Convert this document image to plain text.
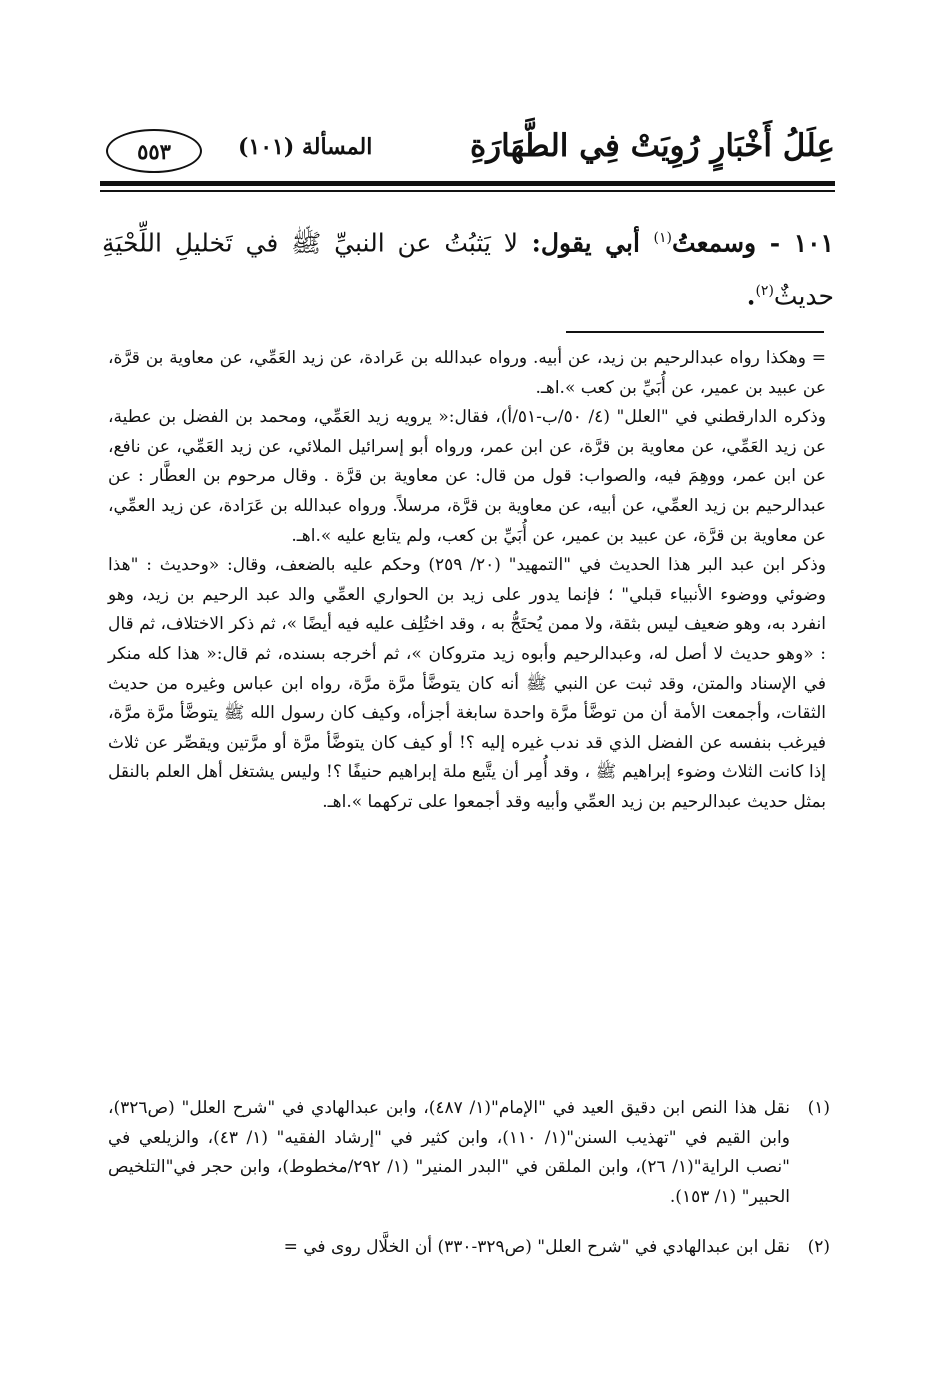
عِلَلُ أَخْبَارٍ رُوِيَتْ فِي الطَّهَارَةِ
المسألة (١٠١)
٥٥٣
١٠١ - وسمعتُ$^{(١)}$ أبي يقول: لا يَثبُتُ عن النبيِّ ﷺ في تَخليلِ اللِّحْيَةِ حديثٌ$^{(٢)}$.

= وهكذا رواه عبدالرحيم بن زيد، عن أبيه. ورواه عبدالله بن عَرادة، عن زيد العَمِّي، عن معاوية بن قرَّة، عن عبيد بن عمير، عن أُبَيِّ بن كعب ».اهـ.

وذكره الدارقطني في "العلل" (٤/ ٥٠/ب-٥١/أ)، فقال:« يرويه زيد العَمِّي، ومحمد بن الفضل بن عطية، عن زيد العَمِّي، عن معاوية بن قرَّة، عن ابن عمر، ورواه أبو إسرائيل الملائي، عن زيد العَمِّي، عن نافع، عن ابن عمر، ووهِمَ فيه، والصواب: قول من قال: عن معاوية بن قرَّة . وقال مرحوم بن العطَّار : عن عبدالرحيم بن زيد العمِّي، عن أبيه، عن معاوية بن قرَّة، مرسلاً. ورواه عبدالله بن عَرَادة، عن زيد العمِّي، عن معاوية بن قرَّة، عن عبيد بن عمير، عن أُبَيِّ بن كعب، ولم يتابع عليه ».اهـ.

وذكر ابن عبد البر هذا الحديث في "التمهيد" (٢٠/ ٢٥٩) وحكم عليه بالضعف، وقال: «وحديث : "هذا وضوئي ووضوء الأنبياء قبلي" ؛ فإنما يدور على زيد بن الحواري العمِّي والد عبد الرحيم بن زيد، وهو انفرد به، وهو ضعيف ليس بثقة، ولا ممن يُحتَجُّ به ، وقد اختُلِف عليه فيه أيضًا »، ثم ذكر الاختلاف، ثم قال : «وهو حديث لا أصل له، وعبدالرحيم وأبوه زيد متروكان »، ثم أخرجه بسنده، ثم قال:« هذا كله منكر في الإسناد والمتن، وقد ثبت عن النبي ﷺ أنه كان يتوضَّأ مرَّة مرَّة، رواه ابن عباس وغيره من حديث الثقات، وأجمعت الأمة أن من توضَّأ مرَّة واحدة سابغة أجزأه، وكيف كان رسول الله ﷺ يتوضَّأ مرَّة مرَّة، فيرغب بنفسه عن الفضل الذي قد ندب غيره إليه ؟! أو كيف كان يتوضَّأ مرَّة أو مرَّتين ويقصِّر عن ثلاث إذا كانت الثلاث وضوء إبراهيم ﷺ ، وقد أُمِر أن يتَّبع ملة إبراهيم حنيفًا ؟! وليس يشتغل أهل العلم بالنقل بمثل حديث عبدالرحيم بن زيد العمِّي وأبيه وقد أجمعوا على تركهما ».اهـ.

(١)
نقل هذا النص ابن دقيق العيد في "الإمام"(١/ ٤٨٧)، وابن عبدالهادي في "شرح العلل" (ص٣٢٦)، وابن القيم في "تهذيب السنن"(١/ ١١٠)، وابن كثير في "إرشاد الفقيه" (١/ ٤٣)، والزيلعي في "نصب الراية"(١/ ٢٦)، وابن الملقن في "البدر المنير" (١/ ٢٩٢/مخطوط)، وابن حجر في"التلخيص الحبير" (١/ ١٥٣).
(٢)
نقل ابن عبدالهادي في "شرح العلل" (ص٣٢٩-٣٣٠) أن الخلَّال روى في =
